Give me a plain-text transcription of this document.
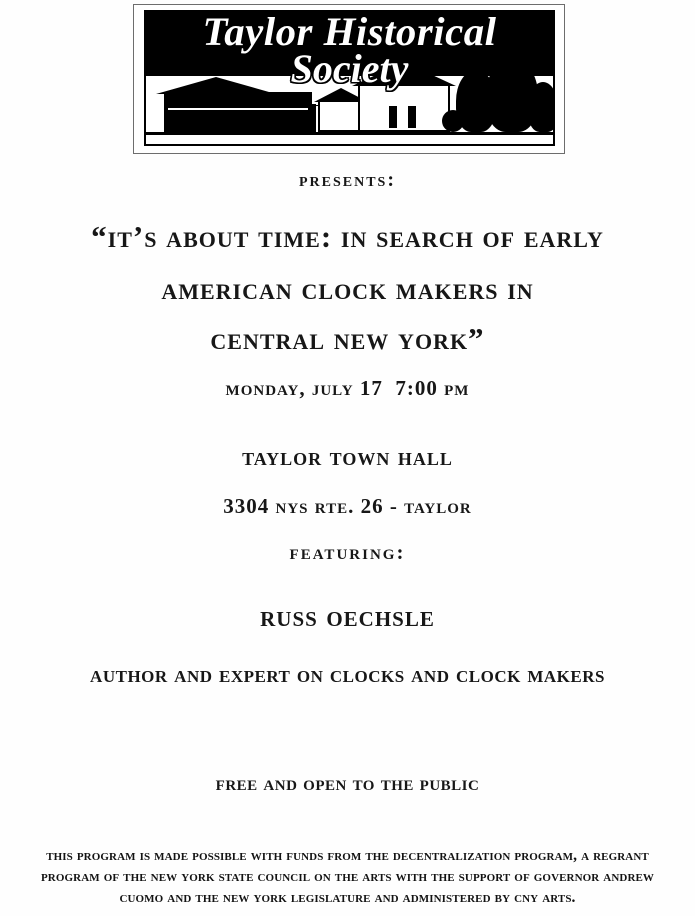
Taylor Historical
Society
presents:
“it’s about time: in search of early
american clock makers in
central new york”
monday, july 17  7:00 pm
taylor town hall
3304 nys rte. 26 - taylor
featuring:
russ oechsle
author and expert on clocks and clock makers
free and open to the public
this program is made possible with funds from the decentralization program, a regrant
program of the new york state council on the arts with the support of governor andrew
cuomo and the new york legislature and administered by cny arts.
